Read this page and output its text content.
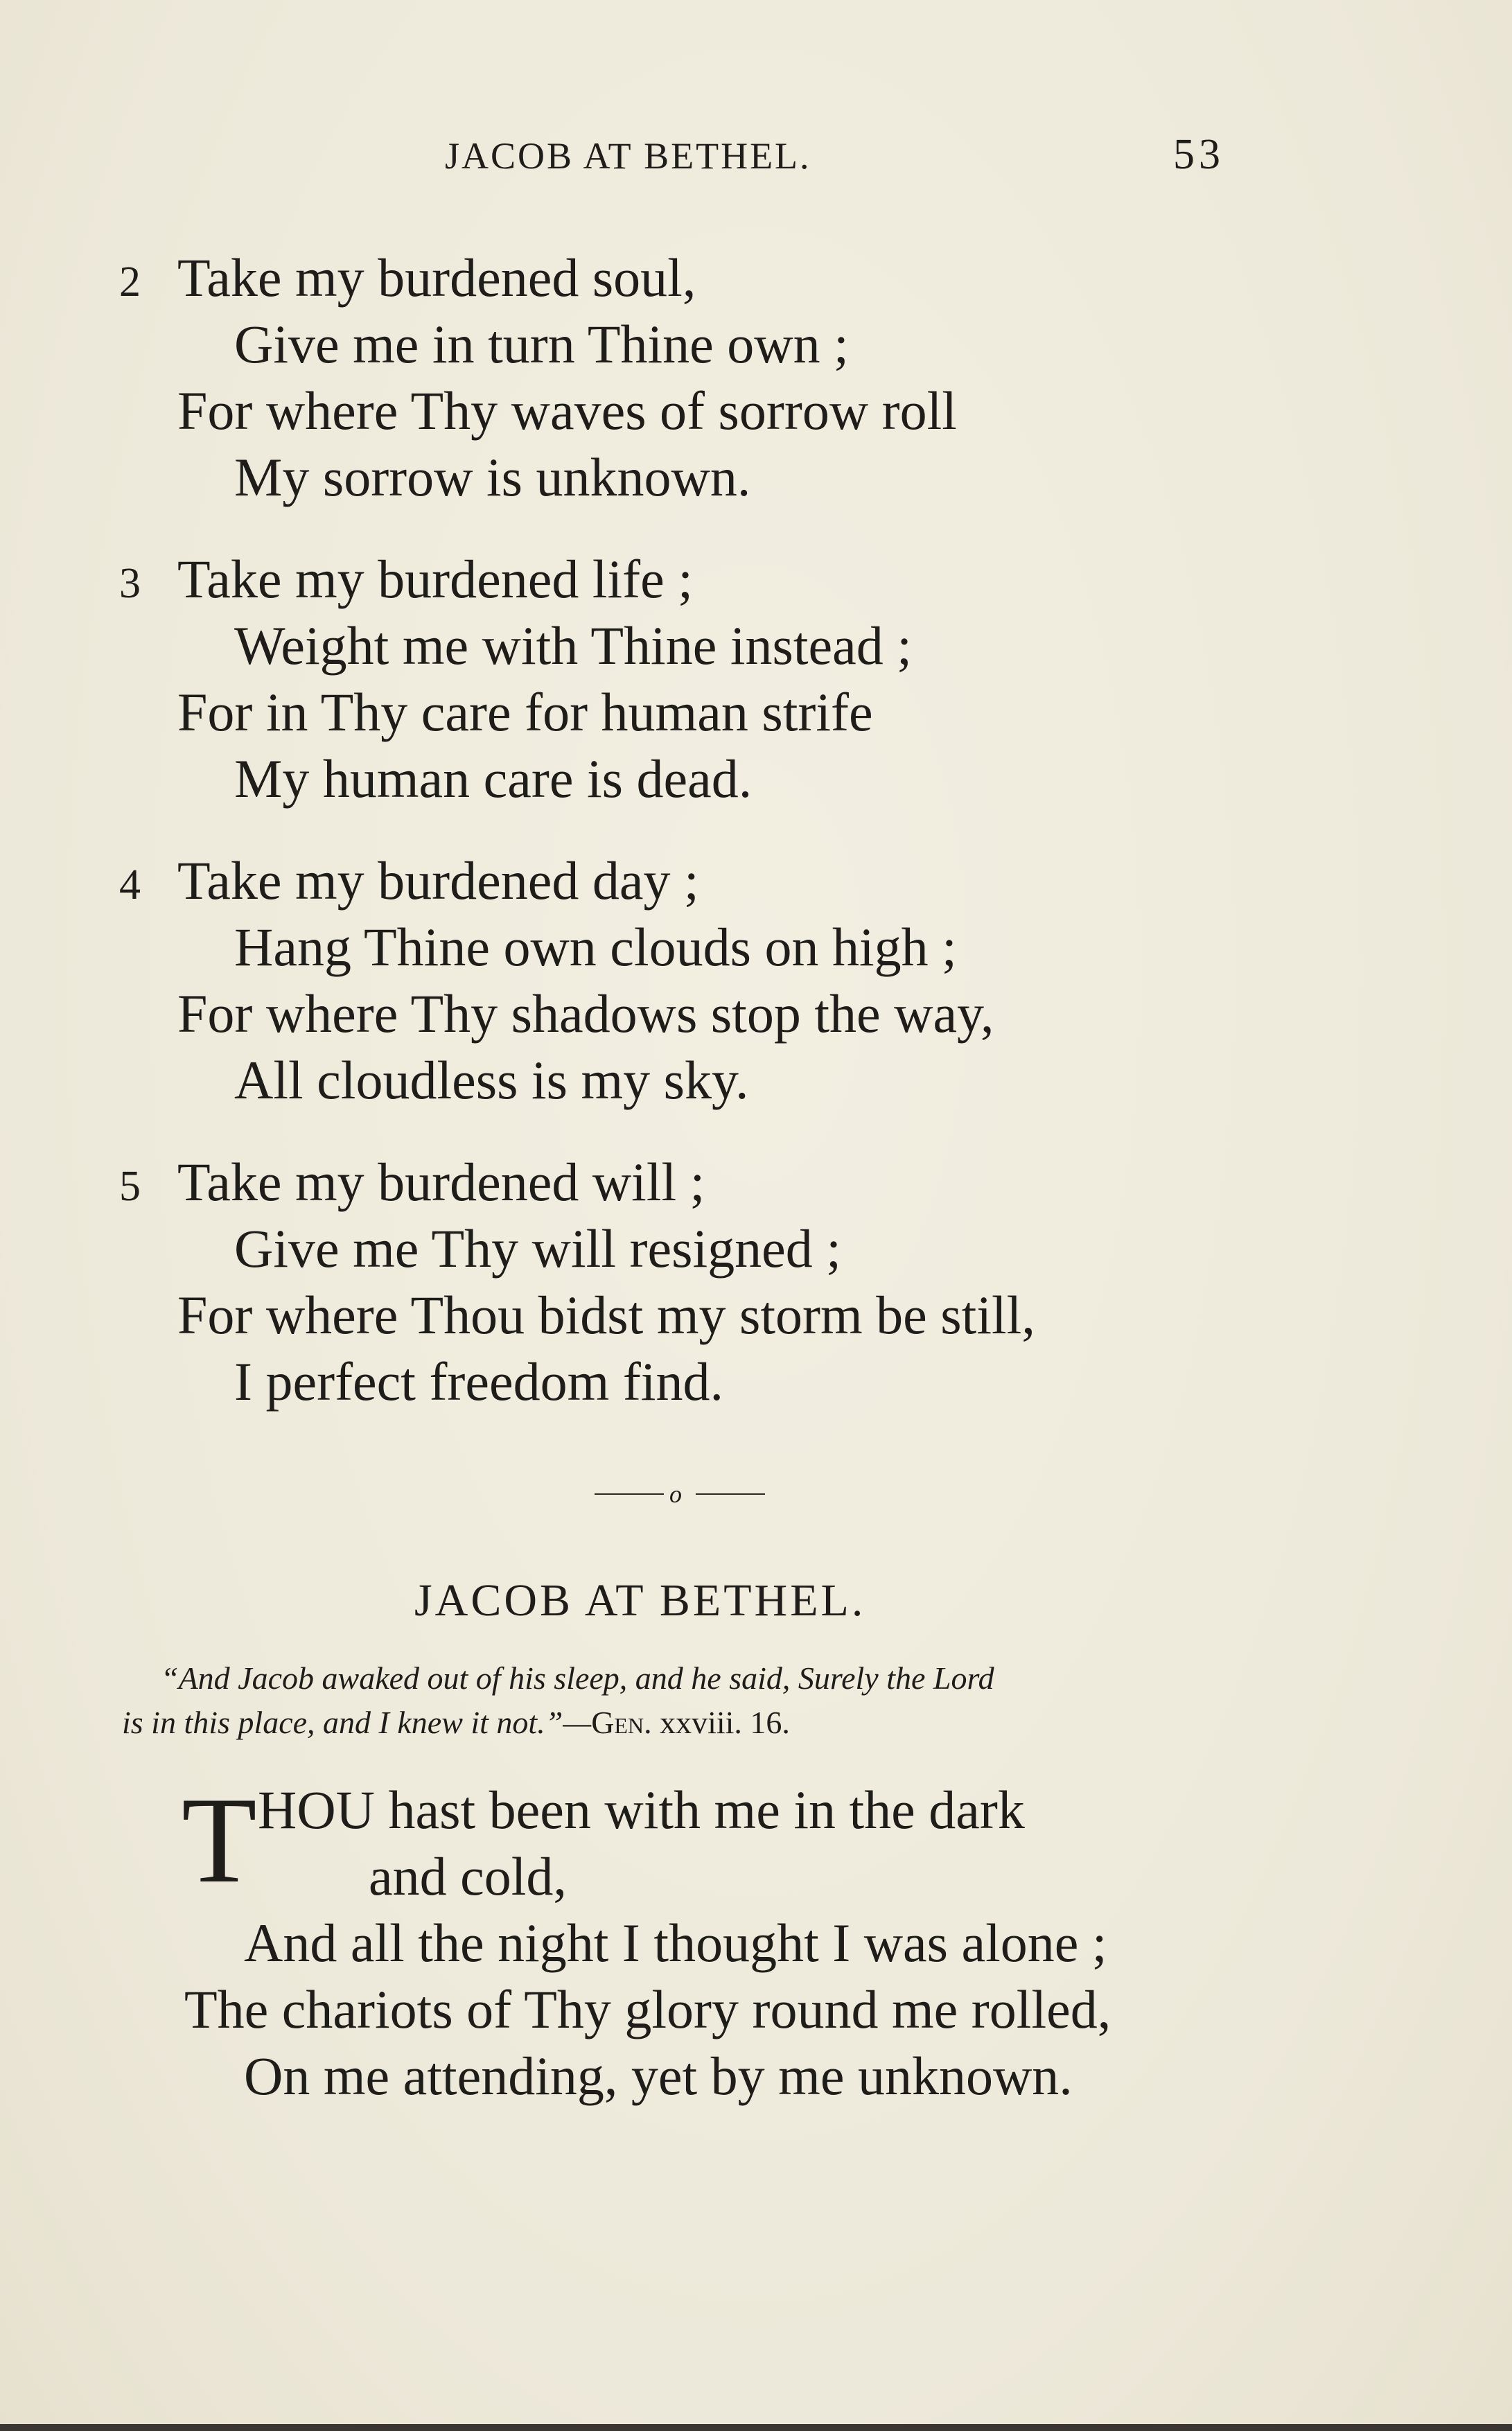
JACOB AT BETHEL.	53
2 Take my burdened soul,
Give me in turn Thine own ;
For where Thy waves of sorrow roll
My sorrow is unknown.
3 Take my burdened life ;
Weight me with Thine instead ;
For in Thy care for human strife
My human care is dead.
4 Take my burdened day ;
Hang Thine own clouds on high ;
For where Thy shadows stop the way,
All cloudless is my sky.
5 Take my burdened will ;
Give me Thy will resigned ;
For where Thou bidst my storm be still,
I perfect freedom find.
o
JACOB AT BETHEL.
“And Jacob awaked out of his sleep, and he said, Surely the Lord
is in this place, and I knew it not.”—Gen. xxviii. 16.
T HOU hast been with me in the dark
and cold,
And all the night I thought I was alone ;
The chariots of Thy glory round me rolled,
On me attending, yet by me unknown.
